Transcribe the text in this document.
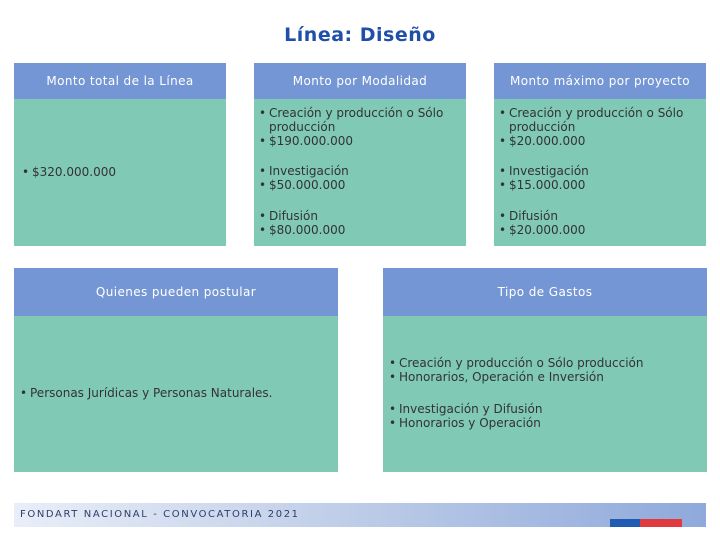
Línea: Diseño
Monto total de la Línea
• $320.000.000
Monto por Modalidad
• Creación y producción o Sólo producción
• $190.000.000
• Investigación
• $50.000.000
• Difusión
• $80.000.000
Monto máximo por proyecto
• Creación y producción o Sólo producción
• $20.000.000
• Investigación
• $15.000.000
• Difusión
• $20.000.000
Quienes pueden postular
• Personas Jurídicas y Personas Naturales.
Tipo de Gastos
• Creación y producción o Sólo producción
• Honorarios, Operación e Inversión
• Investigación y Difusión
• Honorarios y Operación
FONDART NACIONAL - CONVOCATORIA 2021
